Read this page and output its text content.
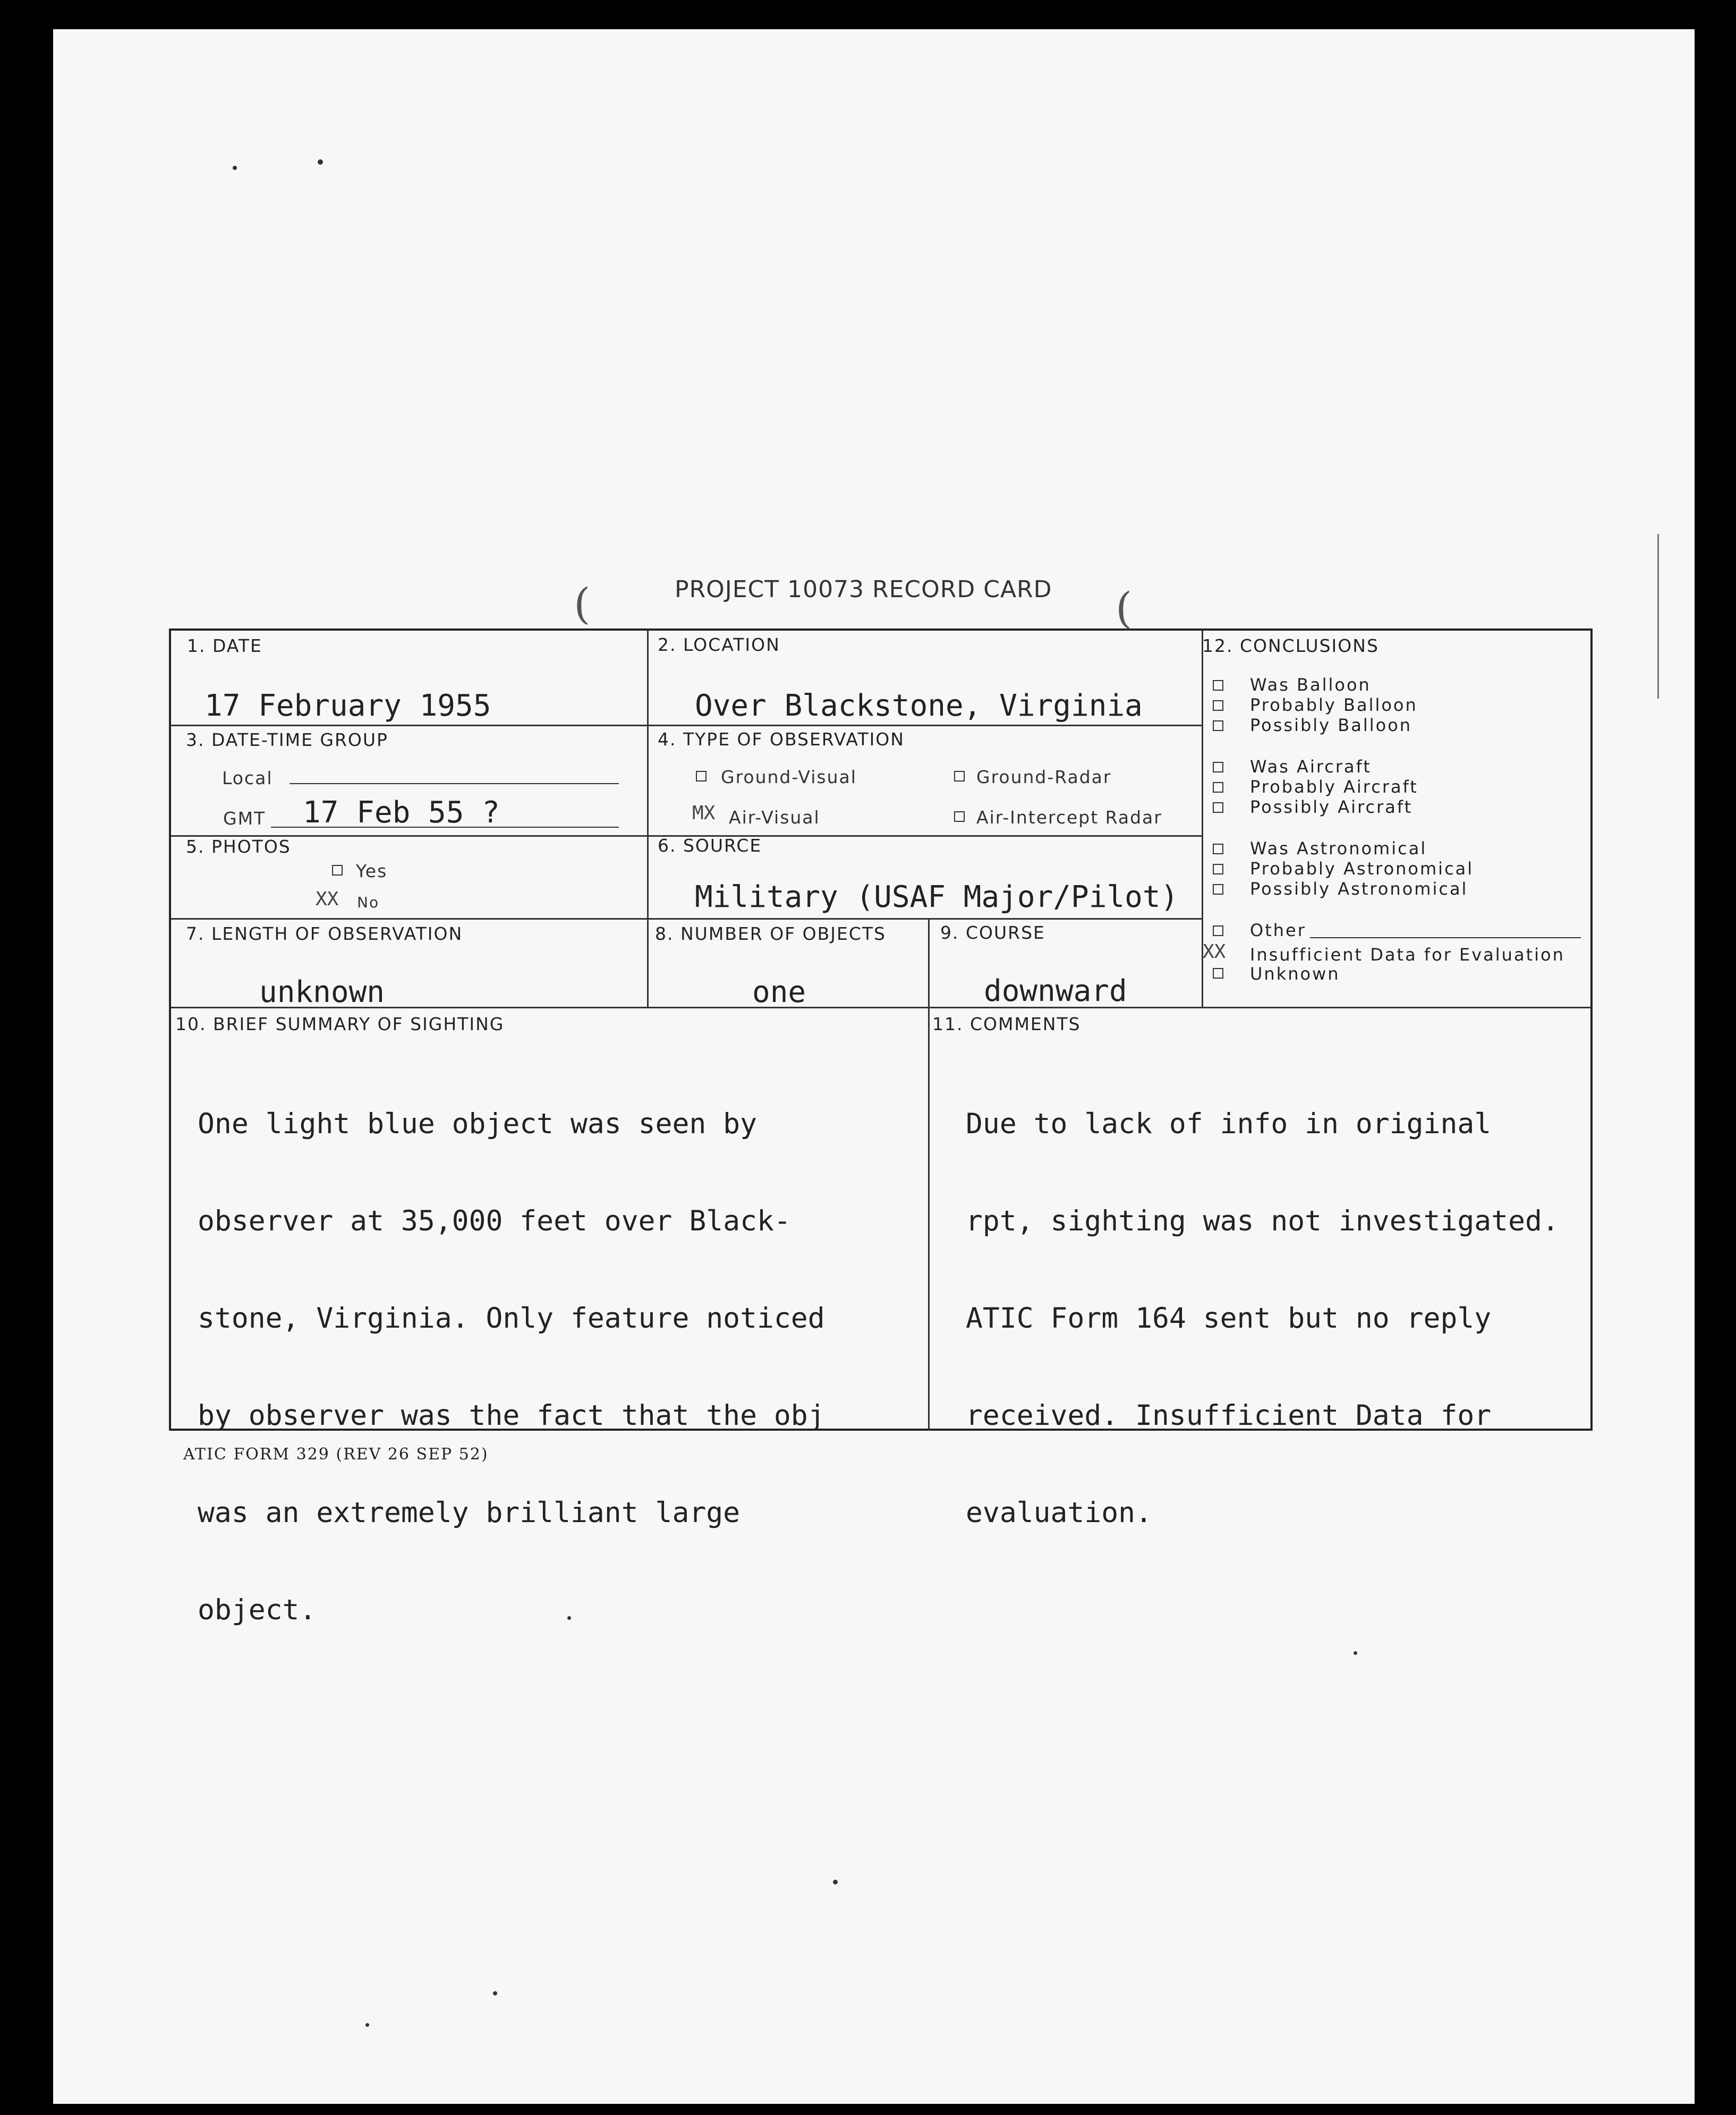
PROJECT 10073 RECORD CARD
(	(
1. DATE
17 February 1955
2. LOCATION
Over Blackstone, Virginia
3. DATE-TIME GROUP
Local
GMT 17 Feb 55 ?
4. TYPE OF OBSERVATION
Ground-Visual	Ground-Radar
MX Air-Visual	Air-Intercept Radar
5. PHOTOS
Yes
XX No
6. SOURCE
Military (USAF Major/Pilot)
7. LENGTH OF OBSERVATION
unknown
8. NUMBER OF OBJECTS
one
9. COURSE
downward
12. CONCLUSIONS
Was Balloon
Probably Balloon
Possibly Balloon
Was Aircraft
Probably Aircraft
Possibly Aircraft
Was Astronomical
Probably Astronomical
Possibly Astronomical
Other
XX Insufficient Data for Evaluation
Unknown
10. BRIEF SUMMARY OF SIGHTING

One light blue object was seen by

observer at 35,000 feet over Black-

stone, Virginia. Only feature noticed

by observer was the fact that the obj

was an extremely brilliant large

object.

11. COMMENTS

Due to lack of info in original

rpt, sighting was not investigated.

ATIC Form 164 sent but no reply

received. Insufficient Data for

evaluation.

ATIC FORM 329 (REV 26 SEP 52)
